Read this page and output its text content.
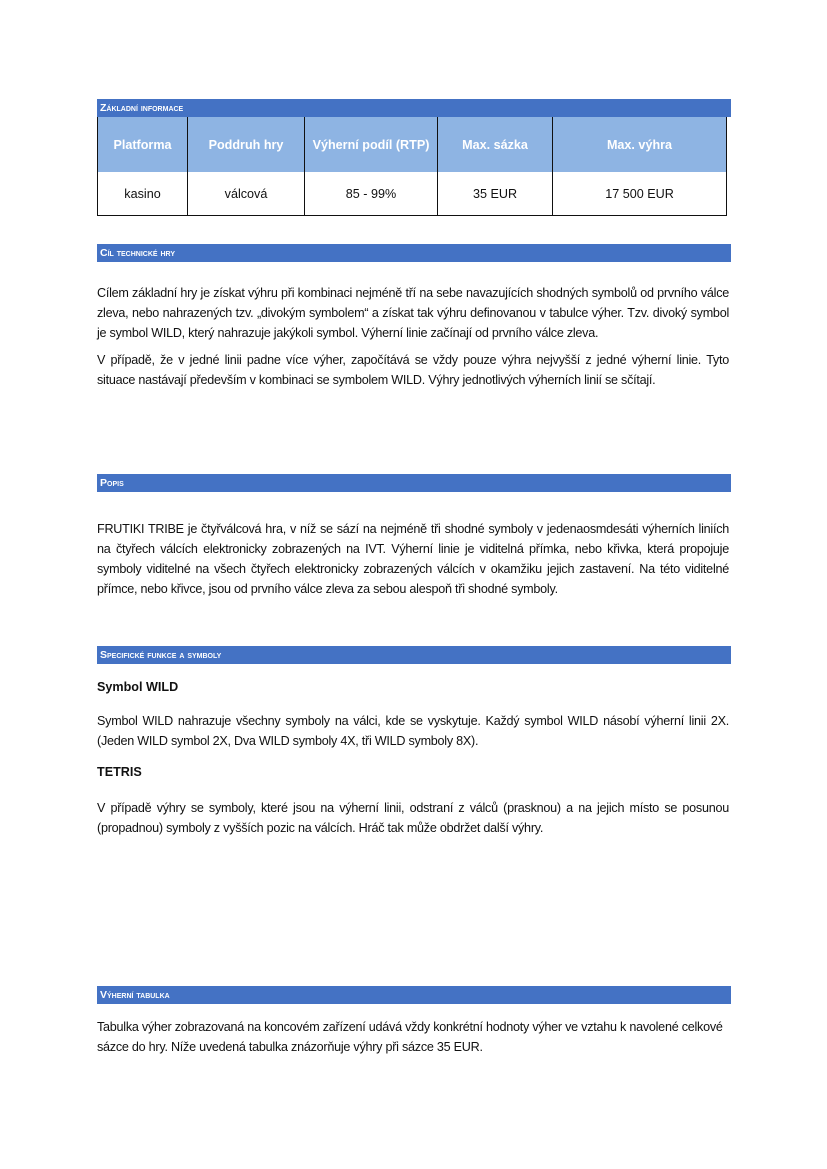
Základní informace
Platforma	Poddruh hry	Výherní podíl (RTP)	Max. sázka	Max. výhra
kasino	válcová	85 - 99%	35 EUR	17 500 EUR
Cíl technické hry

Cílem základní hry je získat výhru při kombinaci nejméně tří na sebe navazujících shodných symbolů od prvního válce zleva, nebo nahrazených tzv. „divokým symbolem“ a získat tak výhru definovanou v tabulce výher. Tzv. divoký symbol je symbol WILD, který nahrazuje jakýkoli symbol. Výherní linie začínají od prvního válce zleva.

V případě, že v jedné linii padne více výher, započítává se vždy pouze výhra nejvyšší z jedné výherní linie. Tyto situace nastávají především v kombinaci se symbolem WILD. Výhry jednotlivých výherních linií se sčítají.

Popis

FRUTIKI TRIBE je čtyřválcová hra, v níž se sází na nejméně tři shodné symboly v jedenaosmdesáti výherních liniích na čtyřech válcích elektronicky zobrazených na IVT. Výherní linie je viditelná přímka, nebo křivka, která propojuje symboly viditelné na všech čtyřech elektronicky zobrazených válcích v okamžiku jejich zastavení. Na této viditelné přímce, nebo křivce, jsou od prvního válce zleva za sebou alespoň tři shodné symboly.

Specifické funkce a symboly
Symbol WILD

Symbol WILD nahrazuje všechny symboly na válci, kde se vyskytuje. Každý symbol WILD násobí výherní linii 2X. (Jeden WILD symbol 2X, Dva WILD symboly 4X, tři WILD symboly 8X).

TETRIS

V případě výhry se symboly, které jsou na výherní linii, odstraní z válců (prasknou) a na jejich místo se posunou (propadnou) symboly z vyšších pozic na válcích. Hráč tak může obdržet další výhry.

Výherní tabulka

Tabulka výher zobrazovaná na koncovém zařízení udává vždy konkrétní hodnoty výher ve vztahu k navolené celkové sázce do hry. Níže uvedená tabulka znázorňuje výhry při sázce 35 EUR.
